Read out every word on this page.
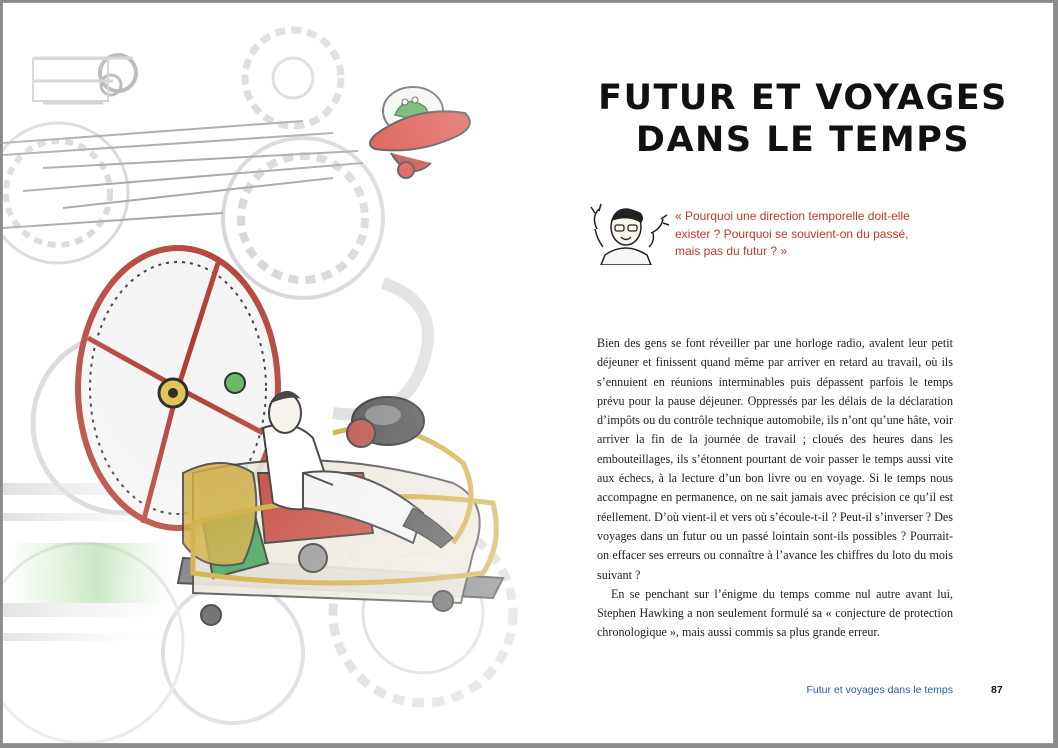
FUTUR ET VOYAGES
DANS LE TEMPS
« Pourquoi une direction temporelle doit-elle exister ? Pourquoi se souvient-on du passé, mais pas du futur ? »

Bien des gens se font réveiller par une horloge radio, avalent leur petit déjeuner et finissent quand même par arriver en retard au travail, où ils s’ennuient en réunions interminables puis dépassent parfois le temps prévu pour la pause déjeuner. Oppressés par les délais de la déclaration d’impôts ou du contrôle technique automobile, ils n’ont qu’une hâte, voir arriver la fin de la journée de travail ; cloués des heures dans les embouteillages, ils s’étonnent pourtant de voir passer le temps aussi vite aux échecs, à la lecture d’un bon livre ou en voyage. Si le temps nous accompagne en permanence, on ne sait jamais avec précision ce qu’il est réellement. D’où vient-il et vers où s’écoule-t-il ? Peut-il s’inverser ? Des voyages dans un futur ou un passé lointain sont-ils possibles ? Pourrait-on effacer ses erreurs ou connaître à l’avance les chiffres du loto du mois suivant ?

En se penchant sur l’énigme du temps comme nul autre avant lui, Stephen Hawking a non seulement formulé sa « conjecture de protection chronologique », mais aussi commis sa plus grande erreur.

Futur et voyages dans le temps	87
